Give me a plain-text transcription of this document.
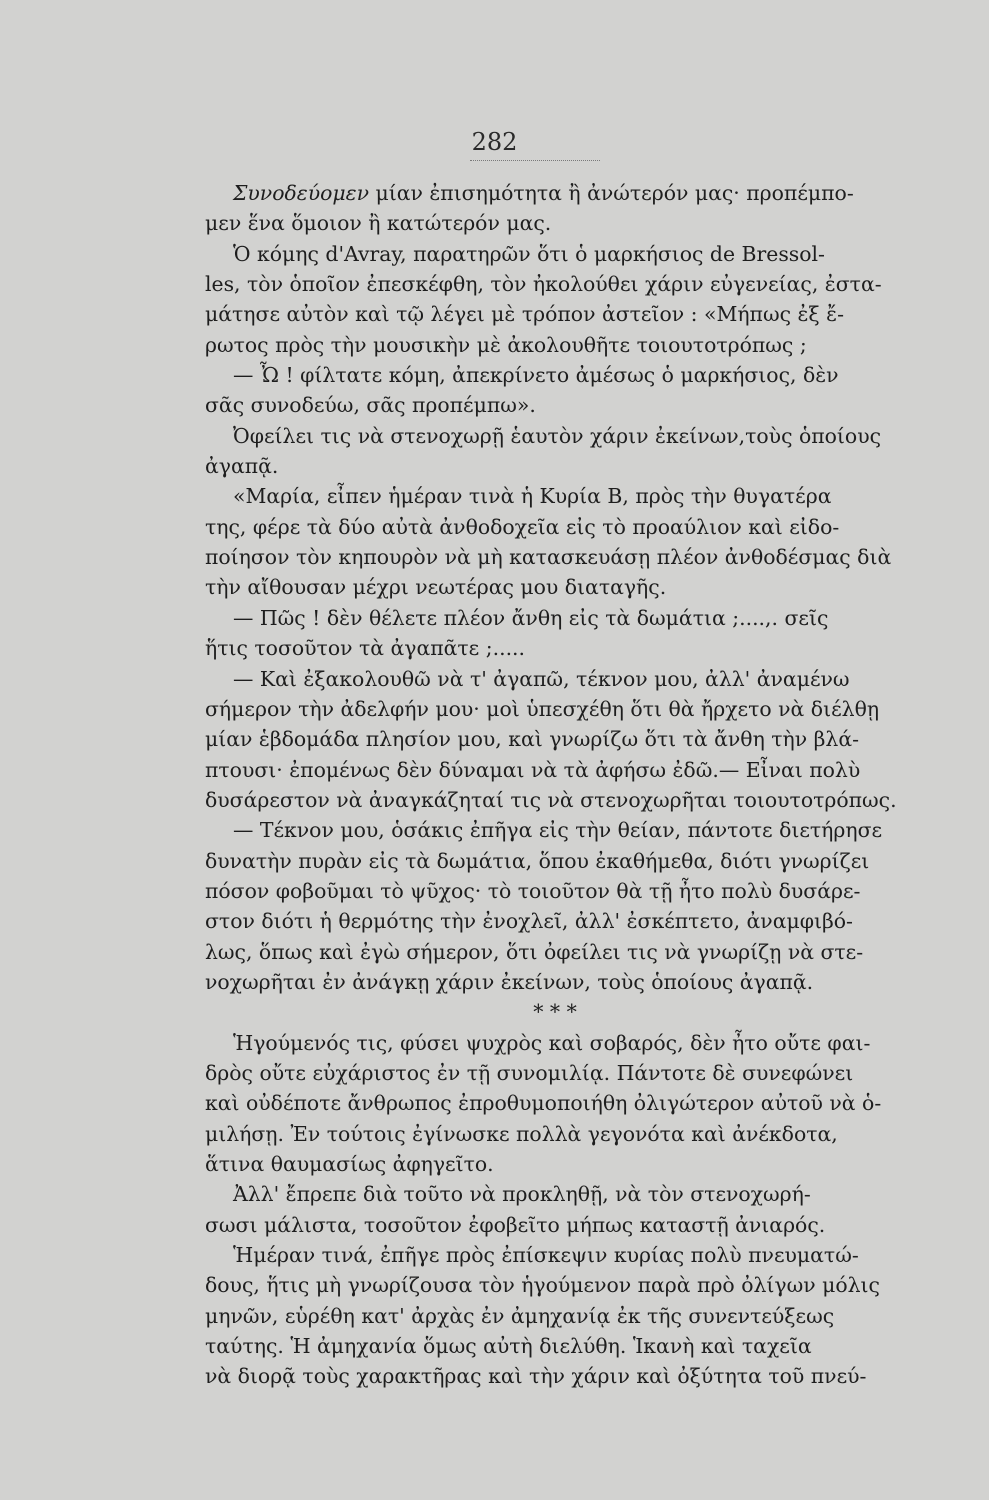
282
Συνοδεύομεν μίαν ἐπισημότητα ἢ ἀνώτερόν μας· προπέμπο-
μεν ἕνα ὅμοιον ἢ κατώτερόν μας.
Ὁ κόμης d'Avray, παρατηρῶν ὅτι ὁ μαρκήσιος de Bressol-
les, τὸν ὁποῖον ἐπεσκέφθη, τὸν ἠκολούθει χάριν εὐγενείας, ἐστα-
μάτησε αὐτὸν καὶ τῷ λέγει μὲ τρόπον ἀστεῖον : «Μήπως ἐξ ἔ-
ρωτος πρὸς τὴν μουσικὴν μὲ ἀκολουθῆτε τοιουτοτρόπως ;
— Ὦ ! φίλτατε κόμη, ἀπεκρίνετο ἀμέσως ὁ μαρκήσιος, δὲν
σᾶς συνοδεύω, σᾶς προπέμπω».
Ὀφείλει τις νὰ στενοχωρῇ ἑαυτὸν χάριν ἐκείνων,τοὺς ὁποίους
ἀγαπᾷ.
«Μαρία, εἶπεν ἡμέραν τινὰ ἡ Κυρία Β, πρὸς τὴν θυγατέρα
της, φέρε τὰ δύο αὐτὰ ἀνθοδοχεῖα εἰς τὸ προαύλιον καὶ εἰδο-
ποίησον τὸν κηπουρὸν νὰ μὴ κατασκευάσῃ πλέον ἀνθοδέσμας διὰ
τὴν αἴθουσαν μέχρι νεωτέρας μου διαταγῆς.
— Πῶς ! δὲν θέλετε πλέον ἄνθη εἰς τὰ δωμάτια ;....,. σεῖς
ἥτις τοσοῦτον τὰ ἀγαπᾶτε ;.....
— Καὶ ἐξακολουθῶ νὰ τ' ἀγαπῶ, τέκνον μου, ἀλλ' ἀναμένω
σήμερον τὴν ἀδελφήν μου· μοὶ ὑπεσχέθη ὅτι θὰ ἤρχετο νὰ διέλθῃ
μίαν ἑβδομάδα πλησίον μου, καὶ γνωρίζω ὅτι τὰ ἄνθη τὴν βλά-
πτουσι· ἐπομένως δὲν δύναμαι νὰ τὰ ἀφήσω ἐδῶ.— Εἶναι πολὺ
δυσάρεστον νὰ ἀναγκάζηταί τις νὰ στενοχωρῆται τοιουτοτρόπως.
— Τέκνον μου, ὁσάκις ἐπῆγα εἰς τὴν θείαν, πάντοτε διετήρησε
δυνατὴν πυρὰν εἰς τὰ δωμάτια, ὅπου ἐκαθήμεθα, διότι γνωρίζει
πόσον φοβοῦμαι τὸ ψῦχος· τὸ τοιοῦτον θὰ τῇ ἦτο πολὺ δυσάρε-
στον διότι ἡ θερμότης τὴν ἐνοχλεῖ, ἀλλ' ἐσκέπτετο, ἀναμφιβό-
λως, ὅπως καὶ ἐγὼ σήμερον, ὅτι ὀφείλει τις νὰ γνωρίζῃ νὰ στε-
νοχωρῆται ἐν ἀνάγκῃ χάριν ἐκείνων, τοὺς ὁποίους ἀγαπᾷ.
* * *
Ἡγούμενός τις, φύσει ψυχρὸς καὶ σοβαρός, δὲν ἦτο οὔτε φαι-
δρὸς οὔτε εὐχάριστος ἐν τῇ συνομιλίᾳ. Πάντοτε δὲ συνεφώνει
καὶ οὐδέποτε ἄνθρωπος ἐπροθυμοποιήθη ὀλιγώτερον αὐτοῦ νὰ ὁ-
μιλήσῃ. Ἐν τούτοις ἐγίνωσκε πολλὰ γεγονότα καὶ ἀνέκδοτα,
ἅτινα θαυμασίως ἀφηγεῖτο.
Ἀλλ' ἔπρεπε διὰ τοῦτο νὰ προκληθῇ, νὰ τὸν στενοχωρή-
σωσι μάλιστα, τοσοῦτον ἐφοβεῖτο μήπως καταστῇ ἀνιαρός.
Ἡμέραν τινά, ἐπῆγε πρὸς ἐπίσκεψιν κυρίας πολὺ πνευματώ-
δους, ἥτις μὴ γνωρίζουσα τὸν ἡγούμενον παρὰ πρὸ ὀλίγων μόλις
μηνῶν, εὑρέθη κατ' ἀρχὰς ἐν ἀμηχανίᾳ ἐκ τῆς συνεντεύξεως
ταύτης. Ἡ ἀμηχανία ὅμως αὐτὴ διελύθη. Ἱκανὴ καὶ ταχεῖα
νὰ διορᾷ τοὺς χαρακτῆρας καὶ τὴν χάριν καὶ ὀξύτητα τοῦ πνεύ-
